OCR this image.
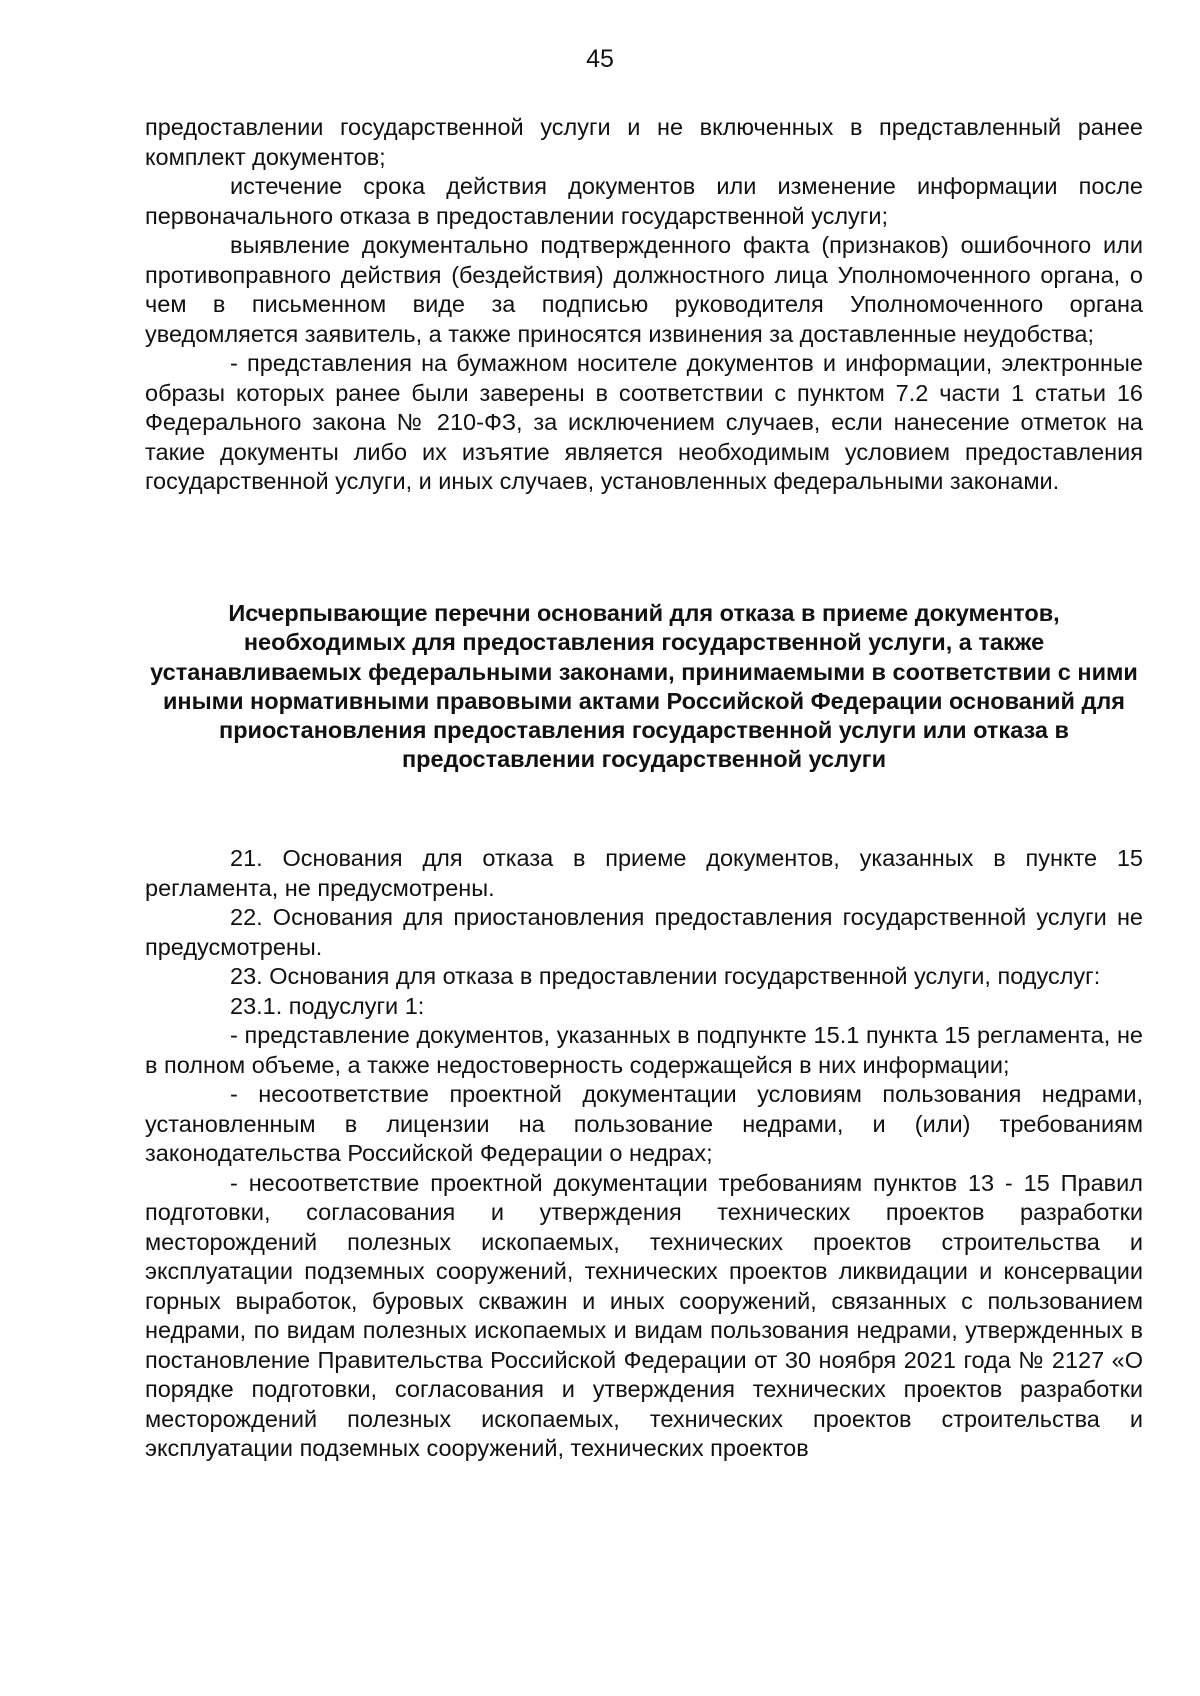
45

предоставлении государственной услуги и не включенных в представленный ранее комплект документов;

истечение срока действия документов или изменение информации после первоначального отказа в предоставлении государственной услуги;

выявление документально подтвержденного факта (признаков) ошибочного или противоправного действия (бездействия) должностного лица Уполномоченного органа, о чем в письменном виде за подписью руководителя Уполномоченного органа уведомляется заявитель, а также приносятся извинения за доставленные неудобства;

- представления на бумажном носителе документов и информации, электронные образы которых ранее были заверены в соответствии с пунктом 7.2 части 1 статьи 16 Федерального закона № 210-ФЗ, за исключением случаев, если нанесение отметок на такие документы либо их изъятие является необходимым условием предоставления государственной услуги, и иных случаев, установленных федеральными законами.

Исчерпывающие перечни оснований для отказа в приеме документов, необходимых для предоставления государственной услуги, а также устанавливаемых федеральными законами, принимаемыми в соответствии с ними иными нормативными правовыми актами Российской Федерации оснований для приостановления предоставления государственной услуги или отказа в предоставлении государственной услуги

21. Основания для отказа в приеме документов, указанных в пункте 15 регламента, не предусмотрены.

22. Основания для приостановления предоставления государственной услуги не предусмотрены.

23. Основания для отказа в предоставлении государственной услуги, подуслуг:

23.1. подуслуги 1:

- представление документов, указанных в подпункте 15.1 пункта 15 регламента, не в полном объеме, а также недостоверность содержащейся в них информации;

- несоответствие проектной документации условиям пользования недрами, установленным в лицензии на пользование недрами, и (или) требованиям законодательства Российской Федерации о недрах;

- несоответствие проектной документации требованиям пунктов 13 - 15 Правил подготовки, согласования и утверждения технических проектов разработки месторождений полезных ископаемых, технических проектов строительства и эксплуатации подземных сооружений, технических проектов ликвидации и консервации горных выработок, буровых скважин и иных сооружений, связанных с пользованием недрами, по видам полезных ископаемых и видам пользования недрами, утвержденных в постановление Правительства Российской Федерации от 30 ноября 2021 года № 2127 «О порядке подготовки, согласования и утверждения технических проектов разработки месторождений полезных ископаемых, технических проектов строительства и эксплуатации подземных сооружений, технических проектов
